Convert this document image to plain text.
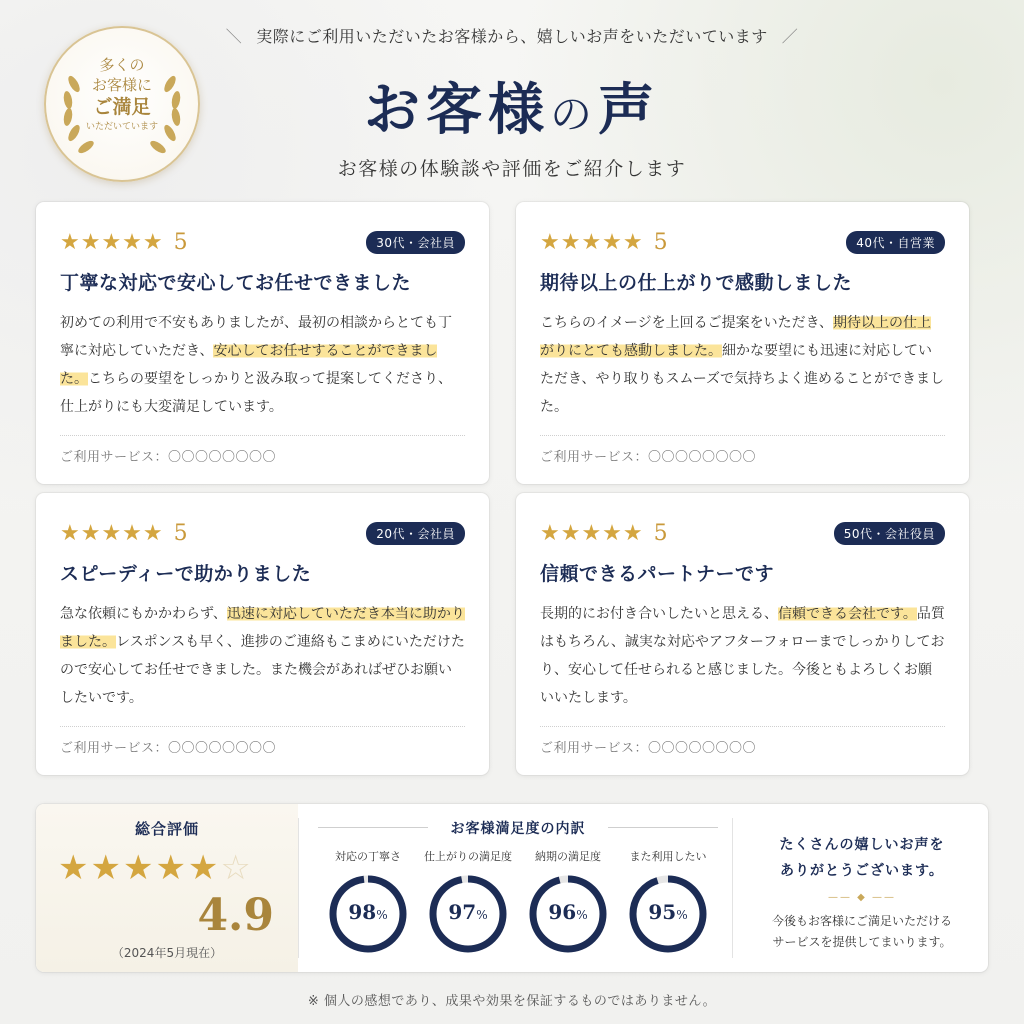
＼ 実際にご利用いただいたお客様から、嬉しいお声をいただいています ／
お客様の声
お客様の体験談や評価をご紹介します
多くの
お客様に
ご満足
いただいています
★★★★★ 5	30代・会社員
丁寧な対応で安心してお任せできました
初めての利用で不安もありましたが、最初の相談からとても丁寧に対応していただき、安心してお任せすることができました。こちらの要望をしっかりと汲み取って提案してくださり、仕上がりにも大変満足しています。
ご利用サービス：〇〇〇〇〇〇〇〇
★★★★★ 5	40代・自営業
期待以上の仕上がりで感動しました
こちらのイメージを上回るご提案をいただき、期待以上の仕上がりにとても感動しました。細かな要望にも迅速に対応していただき、やり取りもスムーズで気持ちよく進めることができました。
ご利用サービス：〇〇〇〇〇〇〇〇
★★★★★ 5	20代・会社員
スピーディーで助かりました
急な依頼にもかかわらず、迅速に対応していただき本当に助かりました。レスポンスも早く、進捗のご連絡もこまめにいただけたので安心してお任せできました。また機会があればぜひお願いしたいです。
ご利用サービス：〇〇〇〇〇〇〇〇
★★★★★ 5	50代・会社役員
信頼できるパートナーです
長期的にお付き合いしたいと思える、信頼できる会社です。品質はもちろん、誠実な対応やアフターフォローまでしっかりしており、安心して任せられると感じました。今後ともよろしくお願いいたします。
ご利用サービス：〇〇〇〇〇〇〇〇
総合評価
★★★★★☆
4.9
（2024年5月現在）
お客様満足度の内訳
対応の丁寧さ
98%
仕上がりの満足度
97%
納期の満足度
96%
また利用したい
95%
たくさんの嬉しいお声を
ありがとうございます。
—— ◆ ——
今後もお客様にご満足いただける
サービスを提供してまいります。
※ 個人の感想であり、成果や効果を保証するものではありません。
